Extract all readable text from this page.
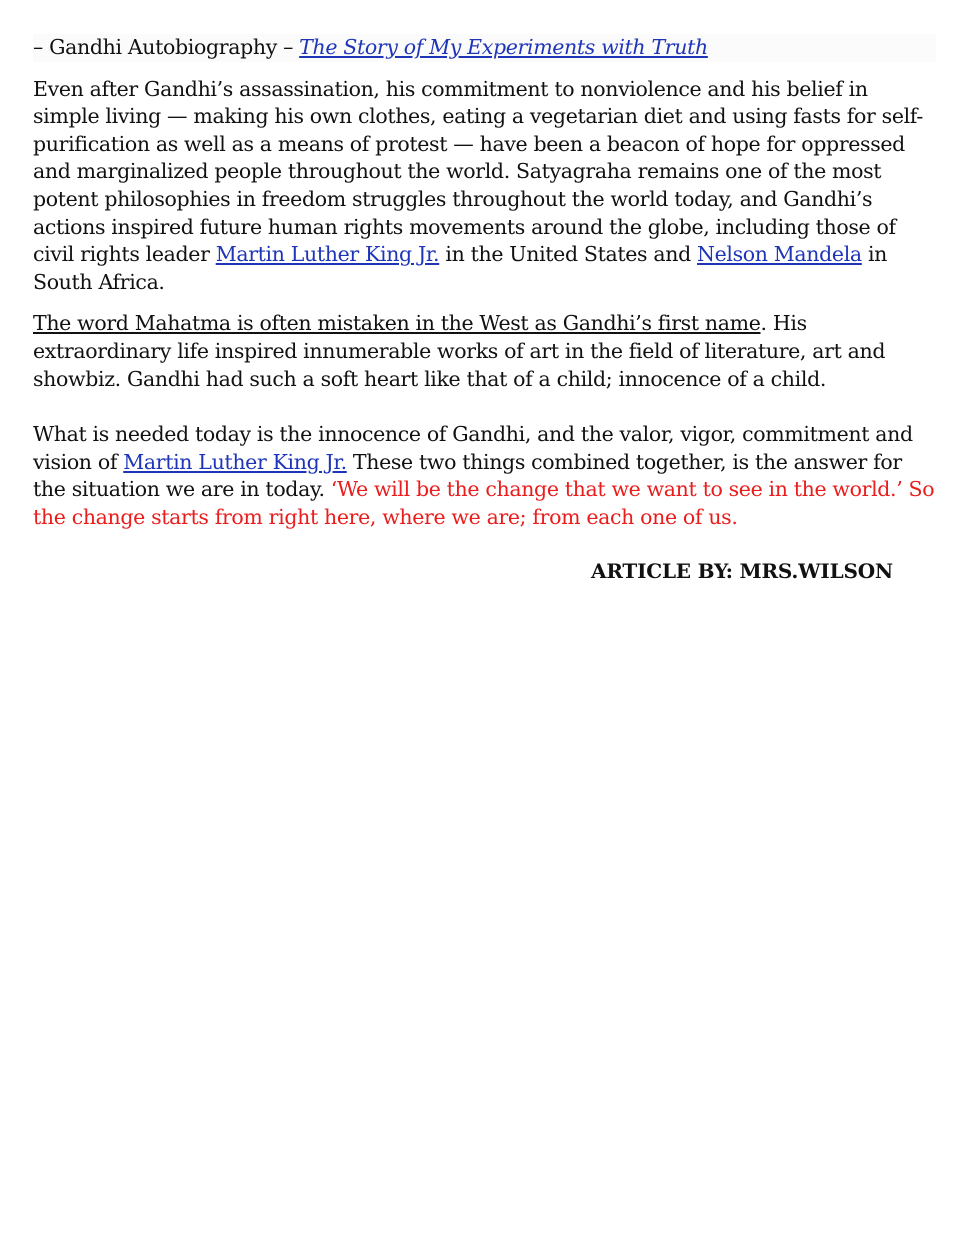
– Gandhi Autobiography – The Story of My Experiments with Truth

Even after Gandhi’s assassination, his commitment to nonviolence and his belief in simple living — making his own clothes, eating a vegetarian diet and using fasts for self-purification as well as a means of protest — have been a beacon of hope for oppressed and marginalized people throughout the world. Satyagraha remains one of the most potent philosophies in freedom struggles throughout the world today, and Gandhi’s actions inspired future human rights movements around the globe, including those of civil rights leader Martin Luther King Jr. in the United States and Nelson Mandela in South Africa.

The word Mahatma is often mistaken in the West as Gandhi’s first name. His extraordinary life inspired innumerable works of art in the field of literature, art and showbiz. Gandhi had such a soft heart like that of a child; innocence of a child.

What is needed today is the innocence of Gandhi, and the valor, vigor, commitment and vision of Martin Luther King Jr. These two things combined together, is the answer for the situation we are in today. ‘We will be the change that we want to see in the world.’ So the change starts from right here, where we are; from each one of us.

ARTICLE BY: MRS.WILSON
